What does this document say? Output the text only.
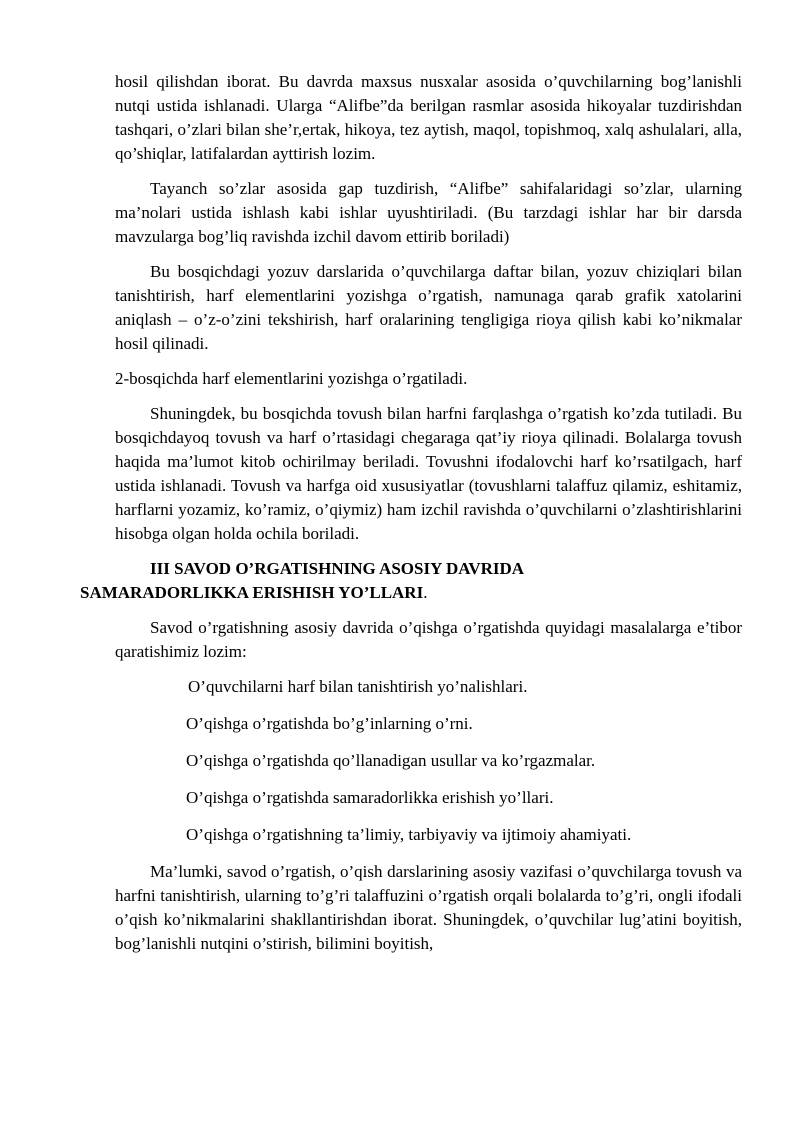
hosil qilishdan iborat. Bu davrda maxsus nusxalar asosida o’quvchilarning bog’lanishli nutqi ustida ishlanadi. Ularga “Alifbe”da berilgan rasmlar asosida hikoyalar tuzdirishdan tashqari, o’zlari bilan she’r,ertak, hikoya, tez aytish, maqol, topishmoq, xalq ashulalari, alla, qo’shiqlar, latifalardan ayttirish lozim.

Tayanch so’zlar asosida gap tuzdirish, “Alifbe” sahifalaridagi so’zlar, ularning ma’nolari ustida ishlash kabi ishlar uyushtiriladi. (Bu tarzdagi ishlar har bir darsda mavzularga bog’liq ravishda izchil davom ettirib boriladi)

Bu bosqichdagi yozuv darslarida o’quvchilarga daftar bilan, yozuv chiziqlari bilan tanishtirish, harf elementlarini yozishga o’rgatish, namunaga qarab grafik xatolarini aniqlash – o’z-o’zini tekshirish, harf oralarining tengligiga rioya qilish kabi ko’nikmalar hosil qilinadi.

2-bosqichda harf elementlarini yozishga o’rgatiladi.

Shuningdek, bu bosqichda tovush bilan harfni farqlashga o’rgatish ko’zda tutiladi. Bu bosqichdayoq tovush va harf o’rtasidagi chegaraga qat’iy rioya qilinadi. Bolalarga tovush haqida ma’lumot kitob ochirilmay beriladi. Tovushni ifodalovchi harf ko’rsatilgach, harf ustida ishlanadi. Tovush va harfga oid xususiyatlar (tovushlarni talaffuz qilamiz, eshitamiz, harflarni yozamiz, ko’ramiz, o’qiymiz) ham izchil ravishda o’quvchilarni o’zlashtirishlarini hisobga olgan holda ochila boriladi.

III SAVOD O’RGATISHNING ASOSIY DAVRIDA
SAMARADORLIKKA ERISHISH YO’LLARI.

Savod o’rgatishning asosiy davrida o’qishga o’rgatishda quyidagi masalalarga e’tibor qaratishimiz lozim:

O’quvchilarni harf bilan tanishtirish yo’nalishlari.
O’qishga o’rgatishda bo’g’inlarning o’rni.
O’qishga o’rgatishda qo’llanadigan usullar va ko’rgazmalar.
O’qishga o’rgatishda samaradorlikka erishish yo’llari.
O’qishga o’rgatishning ta’limiy, tarbiyaviy va ijtimoiy ahamiyati.

Ma’lumki, savod o’rgatish, o’qish darslarining asosiy vazifasi o’quvchilarga tovush va harfni tanishtirish, ularning to’g’ri talaffuzini o’rgatish orqali bolalarda to’g’ri, ongli ifodali o’qish ko’nikmalarini shakllantirishdan iborat. Shuningdek, o’quvchilar lug’atini boyitish, bog’lanishli nutqini o’stirish, bilimini boyitish,
